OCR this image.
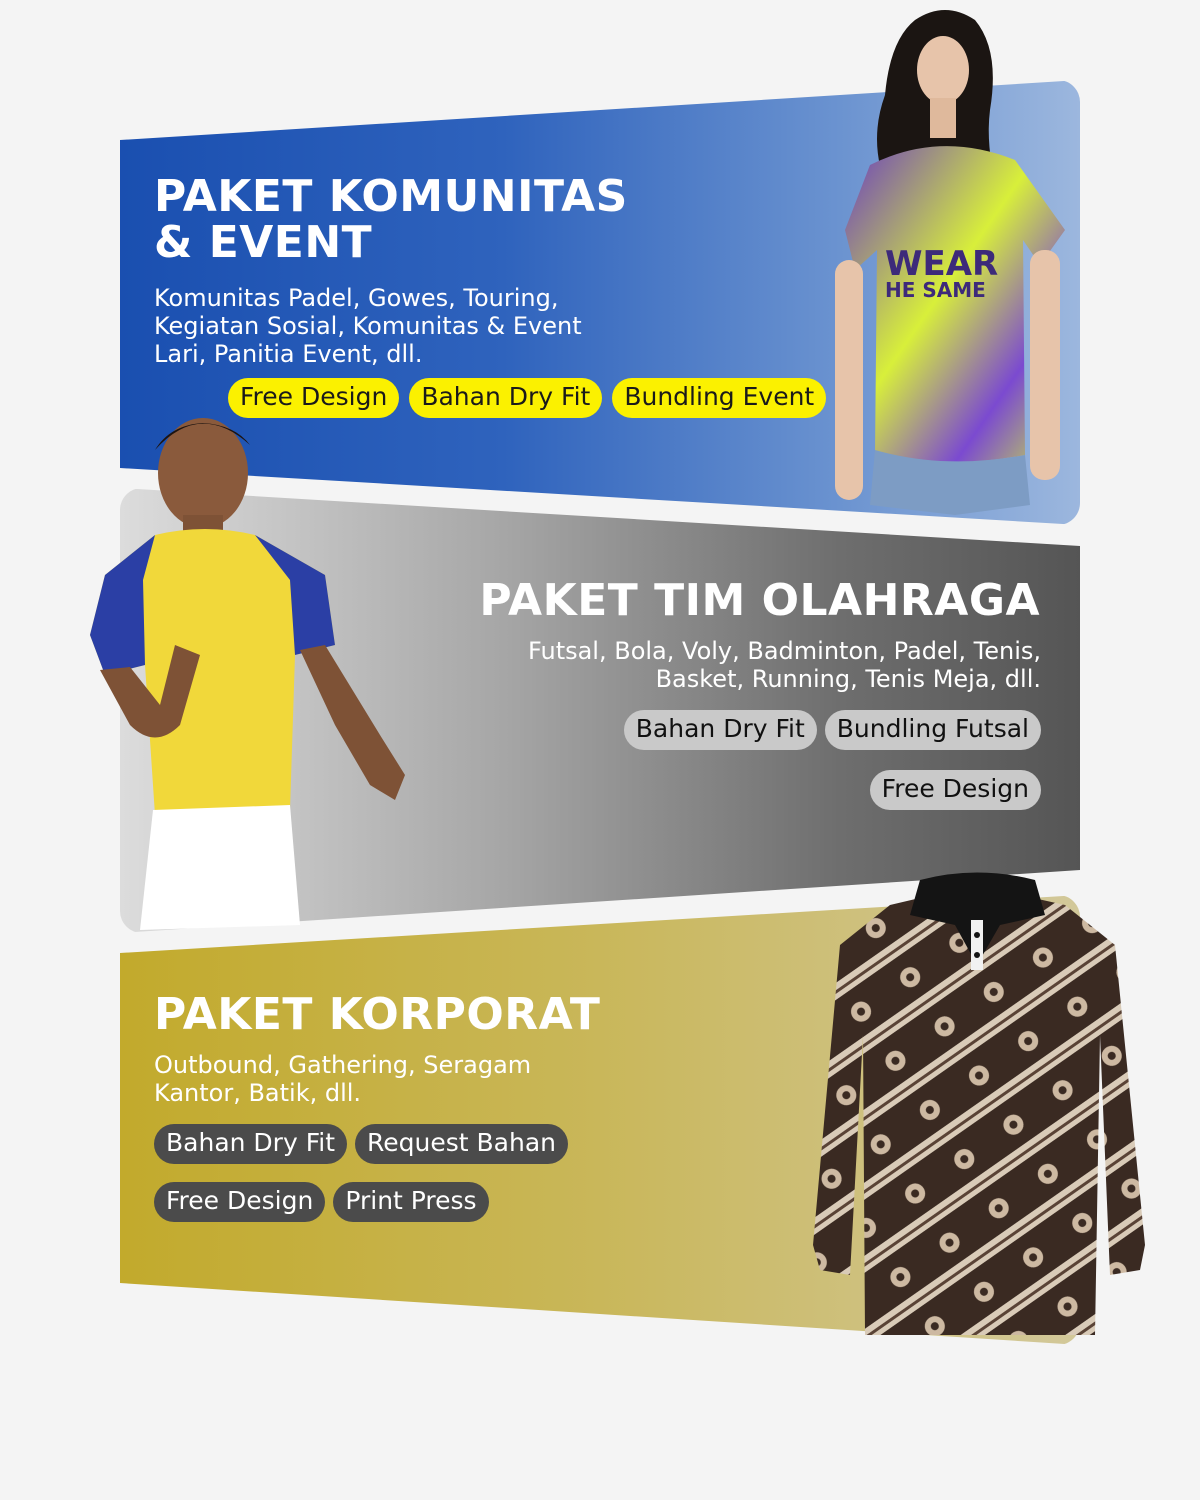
PAKET KOMUNITAS
& EVENT

Komunitas Padel, Gowes, Touring,
Kegiatan Sosial, Komunitas & Event
Lari, Panitia Event, dll.

WEAR
HE SAME
Free Design	Bahan Dry Fit	Bundling Event
PAKET TIM OLAHRAGA

Futsal, Bola, Voly, Badminton, Padel, Tenis,
Basket, Running, Tenis Meja, dll.

Bahan Dry Fit	Bundling Futsal
Free Design
PAKET KORPORAT

Outbound, Gathering, Seragam
Kantor, Batik, dll.

Bahan Dry Fit	Request Bahan
Free Design	Print Press
